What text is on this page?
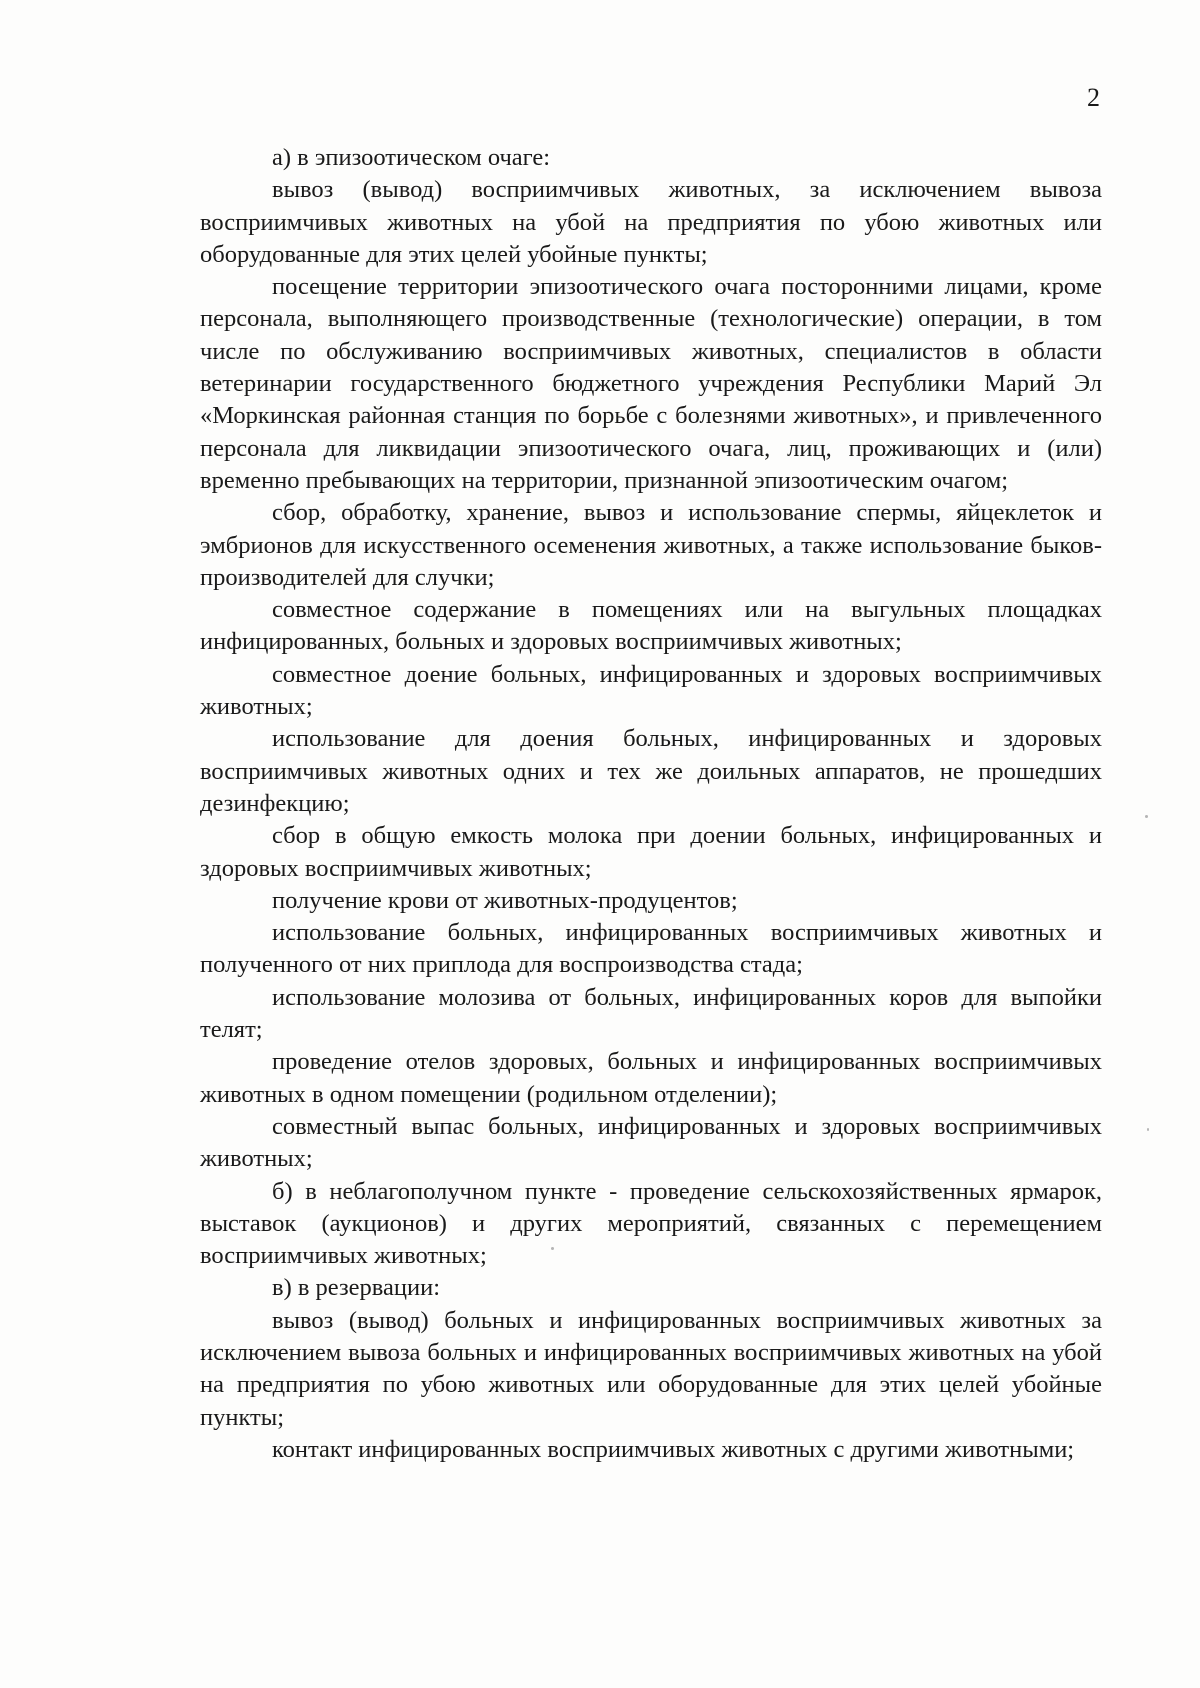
2

а) в эпизоотическом очаге:

вывоз (вывод) восприимчивых животных, за исключением вывоза восприимчивых животных на убой на предприятия по убою животных или оборудованные для этих целей убойные пункты;

посещение территории эпизоотического очага посторонними лицами, кроме персонала, выполняющего производственные (технологические) операции, в том числе по обслуживанию восприимчивых животных, специалистов в области ветеринарии государственного бюджетного учреждения Республики Марий Эл «Моркинская районная станция по борьбе с болезнями животных», и привлеченного персонала для ликвидации эпизоотического очага, лиц, проживающих и (или) временно пребывающих на территории, признанной эпизоотическим очагом;

сбор, обработку, хранение, вывоз и использование спермы, яйцеклеток и эмбрионов для искусственного осеменения животных, а также использование быков-производителей для случки;

совместное содержание в помещениях или на выгульных площадках инфицированных, больных и здоровых восприимчивых животных;

совместное доение больных, инфицированных и здоровых восприимчивых животных;

использование для доения больных, инфицированных и здоровых восприимчивых животных одних и тех же доильных аппаратов, не прошедших дезинфекцию;

сбор в общую емкость молока при доении больных, инфицированных и здоровых восприимчивых животных;

получение крови от животных-продуцентов;

использование больных, инфицированных восприимчивых животных и полученного от них приплода для воспроизводства стада;

использование молозива от больных, инфицированных коров для выпойки телят;

проведение отелов здоровых, больных и инфицированных восприимчивых животных в одном помещении (родильном отделении);

совместный выпас больных, инфицированных и здоровых восприимчивых животных;

б) в неблагополучном пункте - проведение сельскохозяйственных ярмарок, выставок (аукционов) и других мероприятий, связанных с перемещением восприимчивых животных;

в) в резервации:

вывоз (вывод) больных и инфицированных восприимчивых животных за исключением вывоза больных и инфицированных восприимчивых животных на убой на предприятия по убою животных или оборудованные для этих целей убойные пункты;

контакт инфицированных восприимчивых животных с другими животными;
